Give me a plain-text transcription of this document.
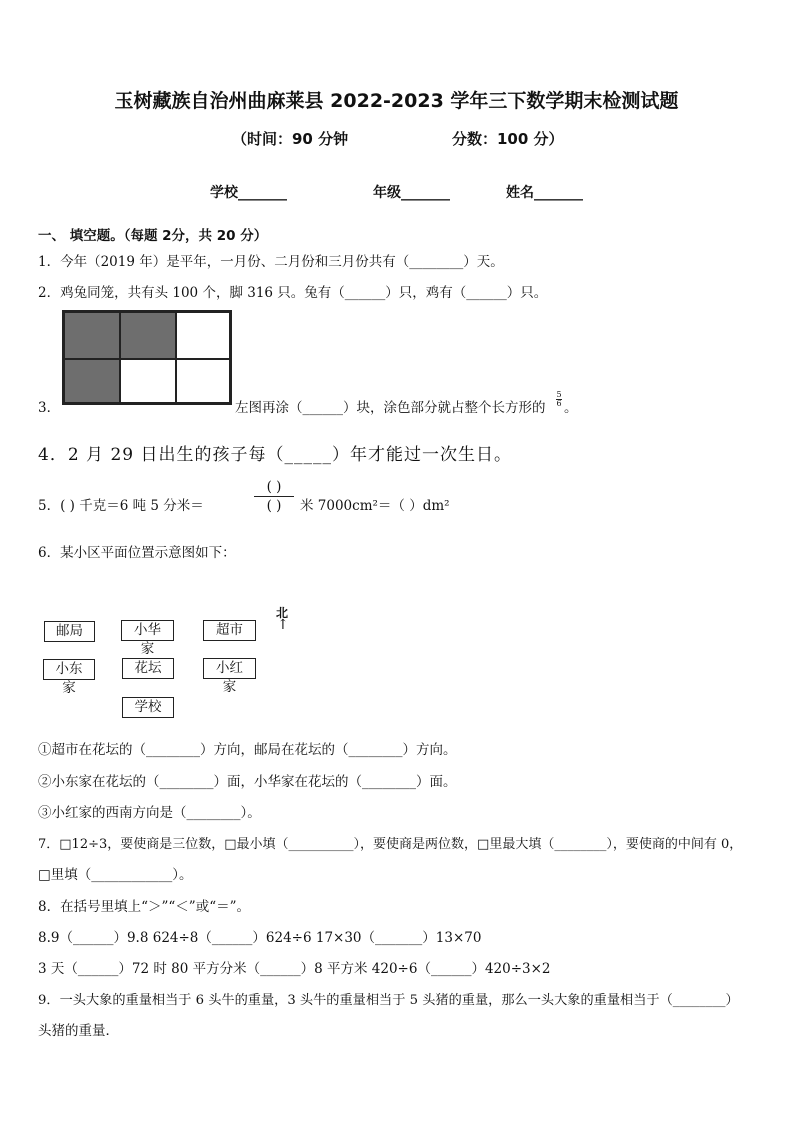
玉树藏族自治州曲麻莱县 2022-2023 学年三下数学期末检测试题
（时间：90 分钟	分数：100 分）
学校_______	年级_______	姓名_______
一、 填空题。（每题 2分，共 20 分）
1．今年（2019 年）是平年，一月份、二月份和三月份共有（________）天。
2．鸡兔同笼，共有头 100 个，脚 316 只。兔有（______）只，鸡有（______）只。
3．	左图再涂（______）块，涂色部分就占整个长方形的
5
6 。
4．2 月 29 日出生的孩子每（_____）年才能过一次生日。
5．( ) 千克＝6 吨 5 分米＝
( )
( )	米 7000cm²＝（ ）dm²
6．某小区平面位置示意图如下：
北
↑
邮局	小华家
超市
小东家
花坛	小红家
学校
①超市在花坛的（________）方向，邮局在花坛的（________）方向。
②小东家在花坛的（________）面，小华家在花坛的（________）面。
③小红家的西南方向是（________）。
7．□12÷3，要使商是三位数，□最小填（__________），要使商是两位数，□里最大填（________），要使商的中间有 0，
□里填（____________）。
8．在括号里填上“＞”“＜”或“＝”。
8.9（______）9.8 624÷8（______）624÷6 17×30（_______）13×70
3 天（______）72 时 80 平方分米（______）8 平方米 420÷6（______）420÷3×2
9．一头大象的重量相当于 6 头牛的重量，3 头牛的重量相当于 5 头猪的重量，那么一头大象的重量相当于（________）
头猪的重量．
